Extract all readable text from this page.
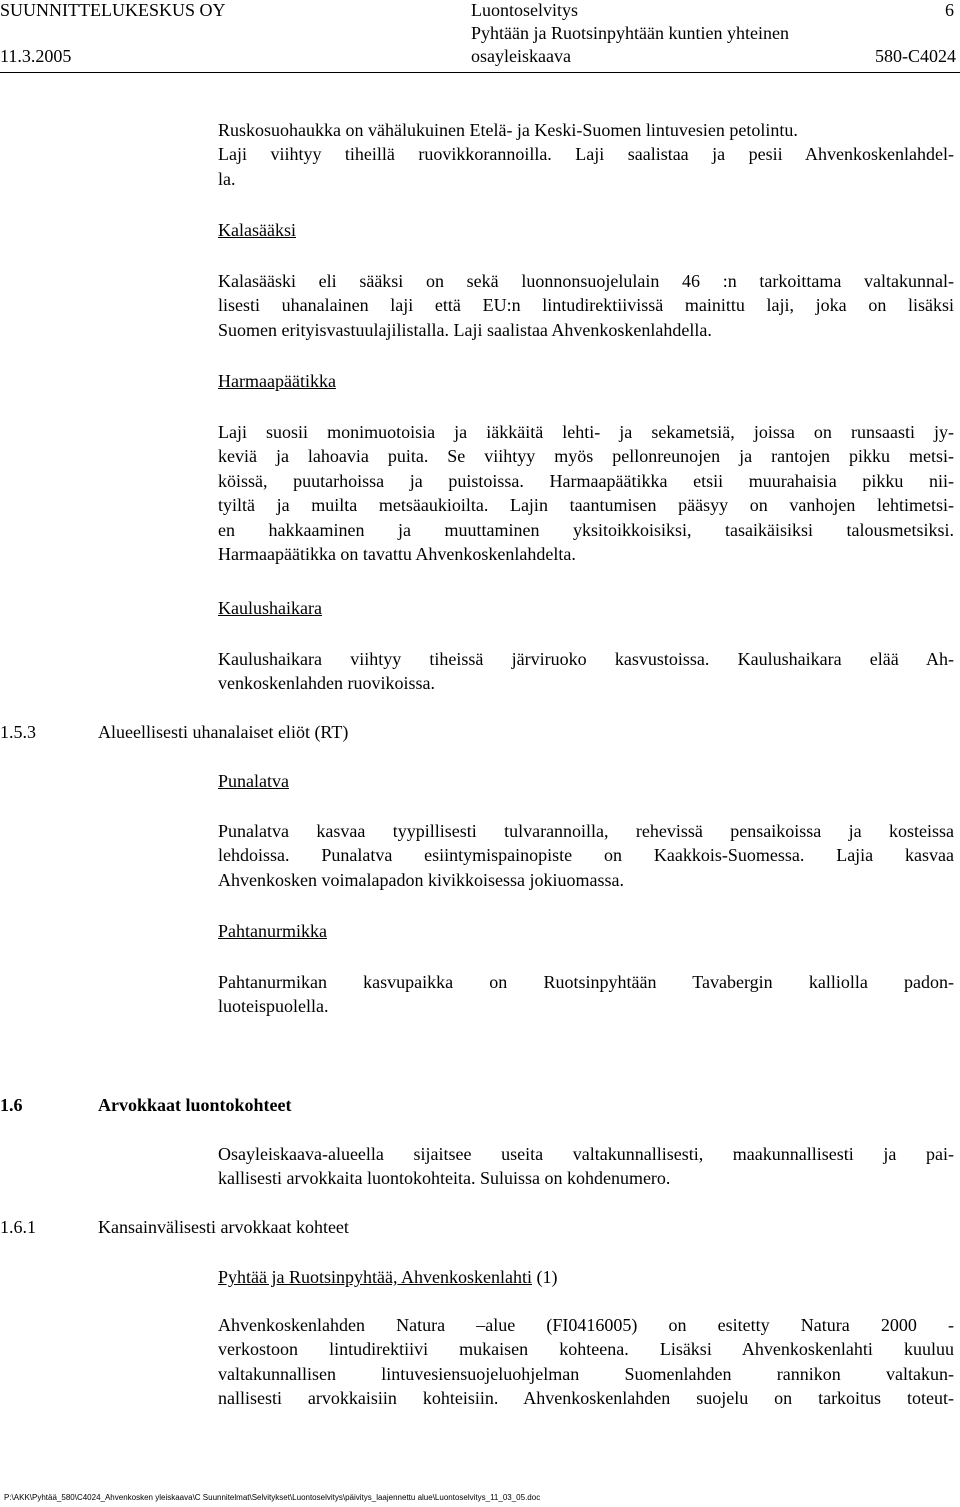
SUUNNITTELUKESKUS OY
11.3.2005
Luontoselvitys
Pyhtään ja Ruotsinpyhtään kuntien yhteinen
osayleiskaava
6
580-C4024
Ruskosuohaukka on vähälukuinen Etelä- ja Keski-Suomen lintuvesien petolintu.
Laji viihtyy tiheillä ruovikkorannoilla. Laji saalistaa ja pesii Ahvenkoskenlahdel-
la.
Kalasääksi
Kalasääski eli sääksi on sekä luonnonsuojelulain 46 :n tarkoittama valtakunnal-
lisesti uhanalainen laji että EU:n lintudirektiivissä mainittu laji, joka on lisäksi
Suomen erityisvastuulajilistalla. Laji saalistaa Ahvenkoskenlahdella.
Harmaapäätikka
Laji suosii monimuotoisia ja iäkkäitä lehti- ja sekametsiä, joissa on runsaasti jy-
keviä ja lahoavia puita. Se viihtyy myös pellonreunojen ja rantojen pikku metsi-
köissä, puutarhoissa ja puistoissa. Harmaapäätikka etsii muurahaisia pikku nii-
tyiltä ja muilta metsäaukioilta. Lajin taantumisen pääsyy on vanhojen lehtimetsi-
en hakkaaminen ja muuttaminen yksitoikkoisiksi, tasaikäisiksi talousmetsiksi.
Harmaapäätikka on tavattu Ahvenkoskenlahdelta.
Kaulushaikara
Kaulushaikara viihtyy tiheissä järviruoko kasvustoissa. Kaulushaikara elää Ah-
venkoskenlahden ruovikoissa.
1.5.3	Alueellisesti uhanalaiset eliöt (RT)
Punalatva
Punalatva kasvaa tyypillisesti tulvarannoilla, rehevissä pensaikoissa ja kosteissa
lehdoissa. Punalatva esiintymispainopiste on Kaakkois-Suomessa. Lajia kasvaa
Ahvenkosken voimalapadon kivikkoisessa jokiuomassa.
Pahtanurmikka
Pahtanurmikan kasvupaikka on Ruotsinpyhtään Tavabergin kalliolla padon-
luoteispuolella.
1.6	Arvokkaat luontokohteet
Osayleiskaava-alueella sijaitsee useita valtakunnallisesti, maakunnallisesti ja pai-
kallisesti arvokkaita luontokohteita. Suluissa on kohdenumero.
1.6.1	Kansainvälisesti arvokkaat kohteet
Pyhtää ja Ruotsinpyhtää, Ahvenkoskenlahti (1)
Ahvenkoskenlahden Natura –alue (FI0416005) on esitetty Natura 2000 -
verkostoon lintudirektiivi mukaisen kohteena. Lisäksi Ahvenkoskenlahti kuuluu
valtakunnallisen lintuvesiensuojeluohjelman Suomenlahden rannikon valtakun-
nallisesti arvokkaisiin kohteisiin. Ahvenkoskenlahden suojelu on tarkoitus toteut-
P:\AKK\Pyhtää_580\C4024_Ahvenkosken yleiskaava\C Suunnitelmat\Selvitykset\Luontoselvitys\päivitys_laajennettu alue\Luontoselvitys_11_03_05.doc
